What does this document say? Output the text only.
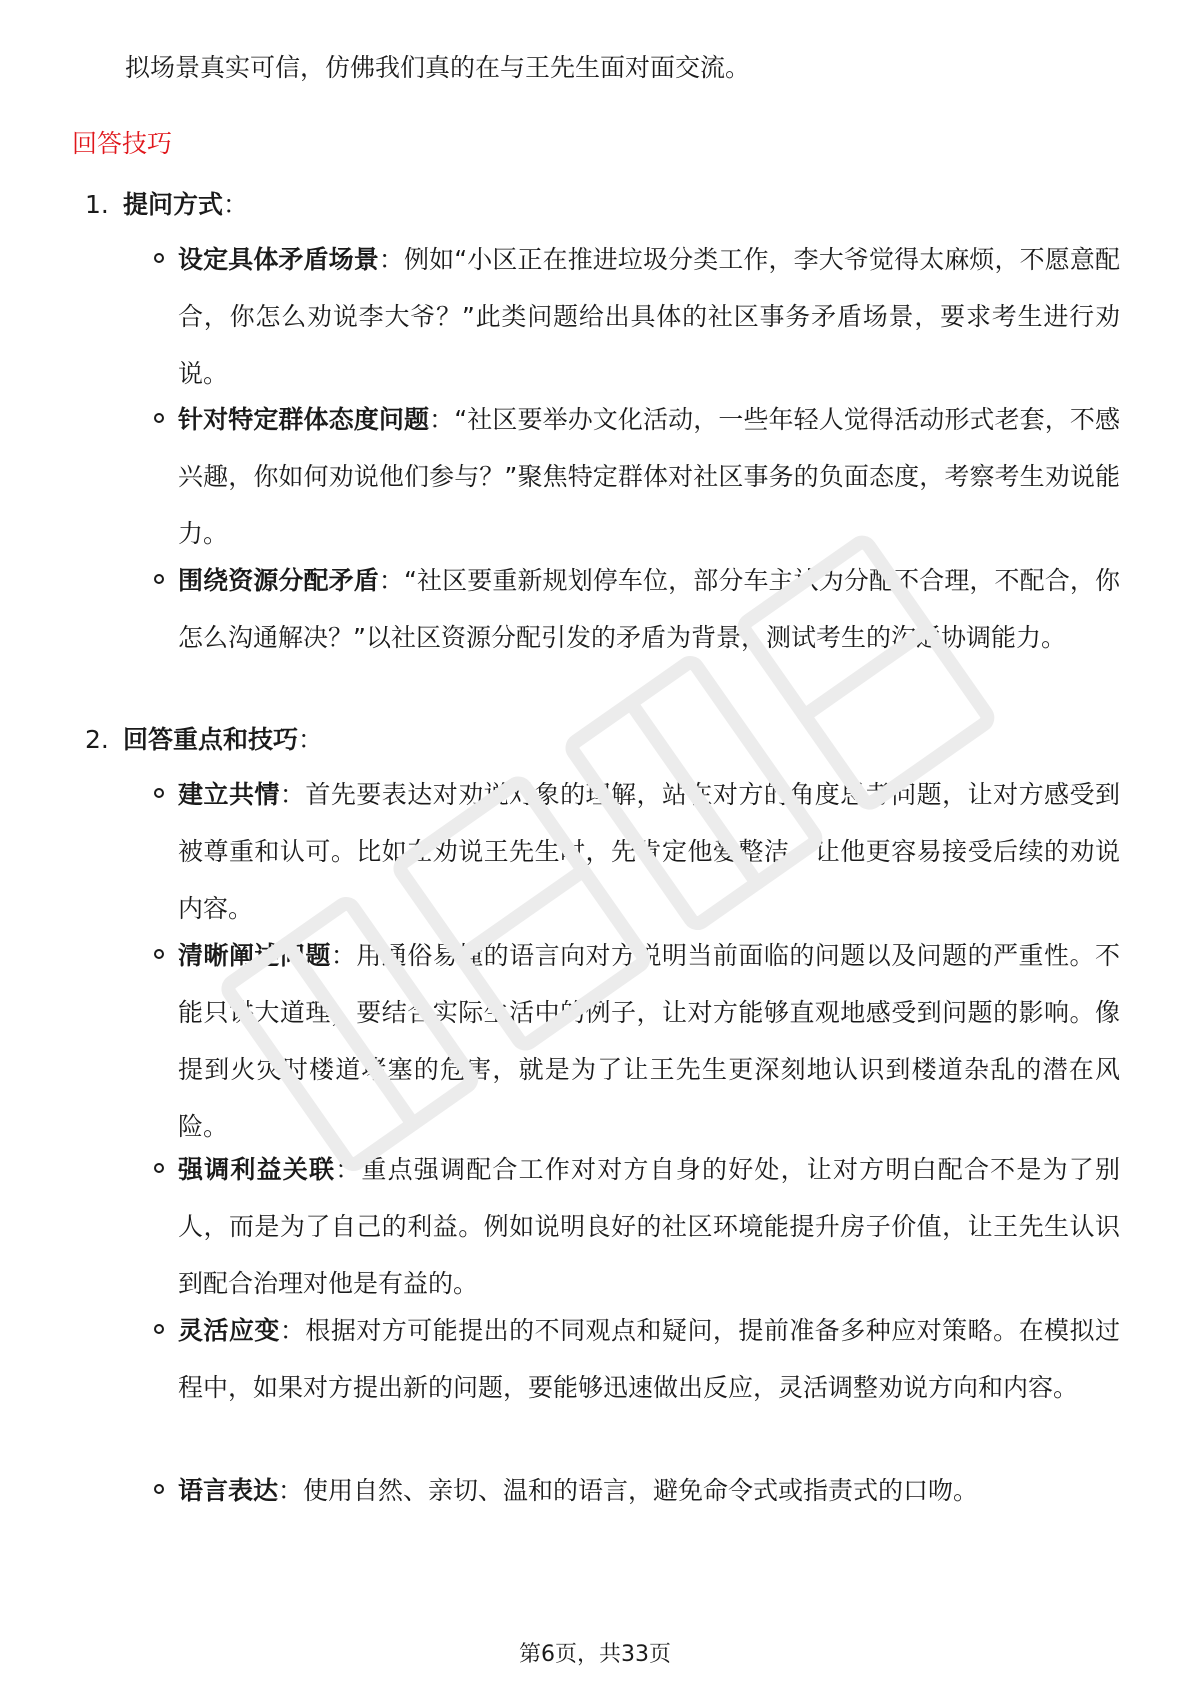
拟场景真实可信，仿佛我们真的在与王先生面对面交流。
回答技巧
1. 提问方式：

设定具体矛盾场景：例如“小区正在推进垃圾分类工作，李大爷觉得太麻烦，不愿意配合，你怎么劝说李大爷？”此类问题给出具体的社区事务矛盾场景，要求考生进行劝说。

针对特定群体态度问题：“社区要举办文化活动，一些年轻人觉得活动形式老套，不感兴趣，你如何劝说他们参与？”聚焦特定群体对社区事务的负面态度，考察考生劝说能力。

围绕资源分配矛盾：“社区要重新规划停车位，部分车主认为分配不合理，不配合，你怎么沟通解决？”以社区资源分配引发的矛盾为背景，测试考生的沟通协调能力。

2. 回答重点和技巧：

建立共情：首先要表达对劝说对象的理解，站在对方的角度思考问题，让对方感受到被尊重和认可。比如在劝说王先生时，先肯定他爱整洁，让他更容易接受后续的劝说内容。

清晰阐述问题：用通俗易懂的语言向对方说明当前面临的问题以及问题的严重性。不能只讲大道理，要结合实际生活中的例子，让对方能够直观地感受到问题的影响。像提到火灾时楼道堵塞的危害，就是为了让王先生更深刻地认识到楼道杂乱的潜在风险。

强调利益关联：重点强调配合工作对对方自身的好处，让对方明白配合不是为了别人，而是为了自己的利益。例如说明良好的社区环境能提升房子价值，让王先生认识到配合治理对他是有益的。

灵活应变：根据对方可能提出的不同观点和疑问，提前准备多种应对策略。在模拟过程中，如果对方提出新的问题，要能够迅速做出反应，灵活调整劝说方向和内容。

语言表达：使用自然、亲切、温和的语言，避免命令式或指责式的口吻。

第6页，共33页
